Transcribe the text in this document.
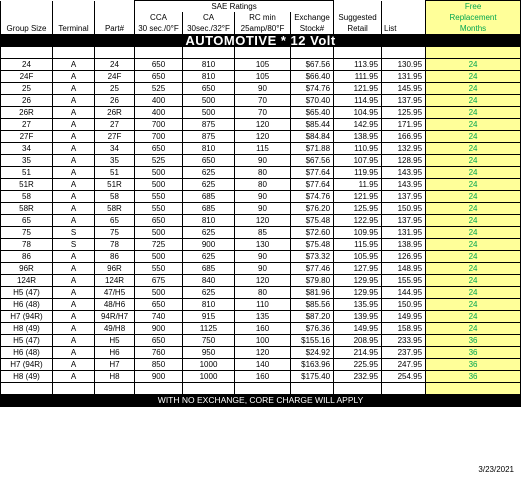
			SAE Ratings						Free
Replacement
Months

			CCA	CA	RC min	Exchange	Suggested		
Group Size	Terminal	Part#	30 sec./0°F	30sec./32°F	25amp/80°F	Stock#	Retail	List	
AUTOMOTIVE * 12 Volt									

24	A	24	650	810	105	$67.56	113.95	130.95	24
24F	A	24F	650	810	105	$66.40	111.95	131.95	24
25	A	25	525	650	90	$74.76	121.95	145.95	24
26	A	26	400	500	70	$70.40	114.95	137.95	24
26R	A	26R	400	500	70	$65.40	104.95	125.95	24
27	A	27	700	875	120	$85.44	142.95	171.95	24
27F	A	27F	700	875	120	$84.84	138.95	166.95	24
34	A	34	650	810	115	$71.88	110.95	132.95	24
35	A	35	525	650	90	$67.56	107.95	128.95	24
51	A	51	500	625	80	$77.64	119.95	143.95	24
51R	A	51R	500	625	80	$77.64	11.95	143.95	24
58	A	58	550	685	90	$74.76	121.95	137.95	24
58R	A	58R	550	685	90	$76.20	125.95	150.95	24
65	A	65	650	810	120	$75.48	122.95	137.95	24
75	S	75	500	625	85	$72.60	109.95	131.95	24
78	S	78	725	900	130	$75.48	115.95	138.95	24
86	A	86	500	625	90	$73.32	105.95	126.95	24
96R	A	96R	550	685	90	$77.46	127.95	148.95	24
124R	A	124R	675	840	120	$79.80	129.95	155.95	24
H5 (47)	A	47/H5	500	625	80	$81.96	129.95	144.95	24
H6 (48)	A	48/H6	650	810	110	$85.56	135.95	150.95	24
H7 (94R)	A	94R/H7	740	915	135	$87.20	139.95	149.95	24
H8 (49)	A	49/H8	900	1125	160	$76.36	149.95	158.95	24
H5 (47)	A	H5	650	750	100	$155.16	208.95	233.95	36
H6 (48)	A	H6	760	950	120	$24.92	214.95	237.95	36
H7 (94R)	A	H7	850	1000	140	$163.96	225.95	247.95	36
H8 (49)	A	H8	900	1000	160	$175.40	232.95	254.95	36

WITH NO EXCHANGE, CORE CHARGE WILL APPLY									
3/23/2021
